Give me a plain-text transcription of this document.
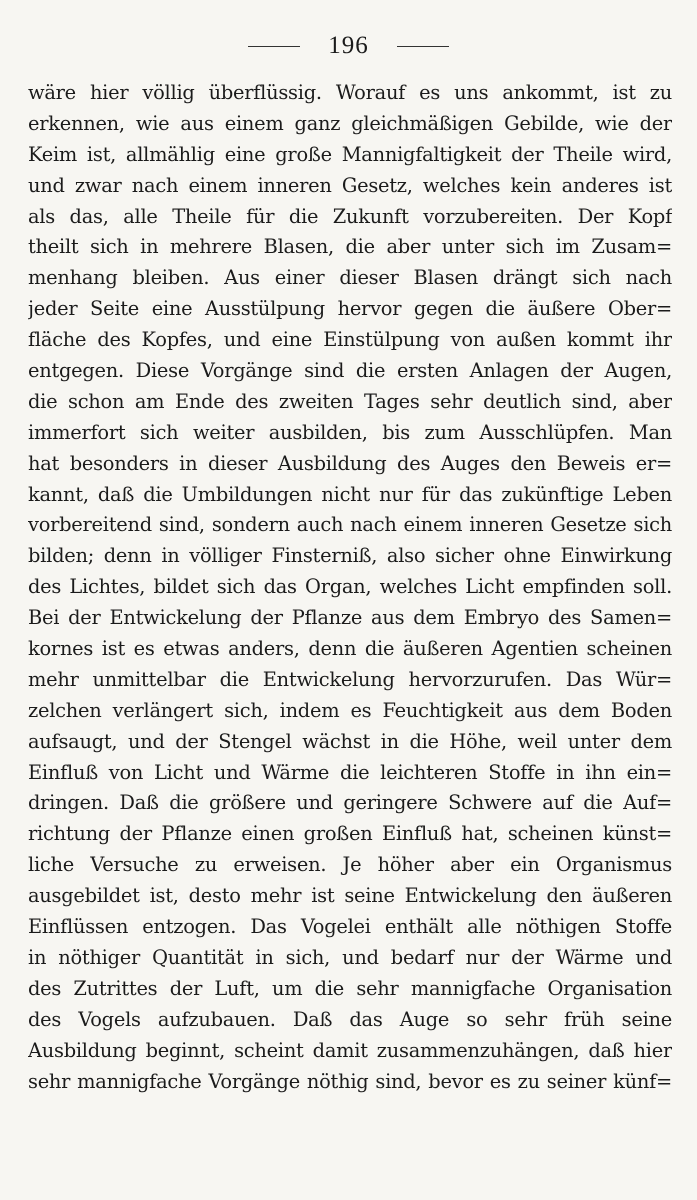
196
wäre hier völlig überflüssig. Worauf es uns ankommt, ist zu
erkennen, wie aus einem ganz gleichmäßigen Gebilde, wie der
Keim ist, allmählig eine große Mannigfaltigkeit der Theile wird,
und zwar nach einem inneren Gesetz, welches kein anderes ist
als das, alle Theile für die Zukunft vorzubereiten. Der Kopf
theilt sich in mehrere Blasen, die aber unter sich im Zusam=
menhang bleiben. Aus einer dieser Blasen drängt sich nach
jeder Seite eine Ausstülpung hervor gegen die äußere Ober=
fläche des Kopfes, und eine Einstülpung von außen kommt ihr
entgegen. Diese Vorgänge sind die ersten Anlagen der Augen,
die schon am Ende des zweiten Tages sehr deutlich sind, aber
immerfort sich weiter ausbilden, bis zum Ausschlüpfen. Man
hat besonders in dieser Ausbildung des Auges den Beweis er=
kannt, daß die Umbildungen nicht nur für das zukünftige Leben
vorbereitend sind, sondern auch nach einem inneren Gesetze sich
bilden; denn in völliger Finsterniß, also sicher ohne Einwirkung
des Lichtes, bildet sich das Organ, welches Licht empfinden soll.
Bei der Entwickelung der Pflanze aus dem Embryo des Samen=
kornes ist es etwas anders, denn die äußeren Agentien scheinen
mehr unmittelbar die Entwickelung hervorzurufen. Das Wür=
zelchen verlängert sich, indem es Feuchtigkeit aus dem Boden
aufsaugt, und der Stengel wächst in die Höhe, weil unter dem
Einfluß von Licht und Wärme die leichteren Stoffe in ihn ein=
dringen. Daß die größere und geringere Schwere auf die Auf=
richtung der Pflanze einen großen Einfluß hat, scheinen künst=
liche Versuche zu erweisen. Je höher aber ein Organismus
ausgebildet ist, desto mehr ist seine Entwickelung den äußeren
Einflüssen entzogen. Das Vogelei enthält alle nöthigen Stoffe
in nöthiger Quantität in sich, und bedarf nur der Wärme und
des Zutrittes der Luft, um die sehr mannigfache Organisation
des Vogels aufzubauen. Daß das Auge so sehr früh seine
Ausbildung beginnt, scheint damit zusammenzuhängen, daß hier
sehr mannigfache Vorgänge nöthig sind, bevor es zu seiner künf=
